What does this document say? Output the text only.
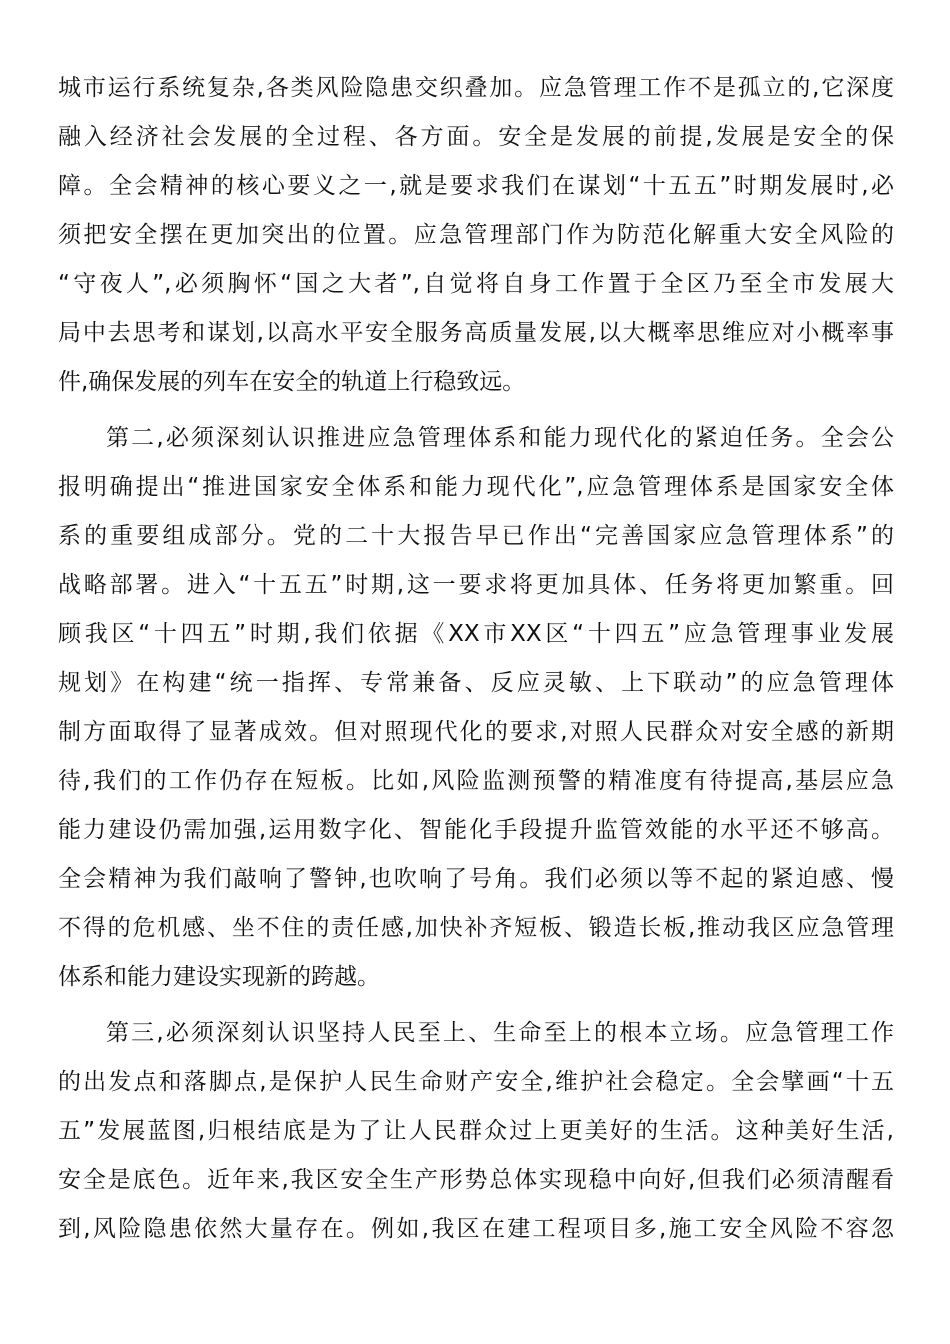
城市运行系统复杂,各类风险隐患交织叠加。应急管理工作不是孤立的,它深度

融入经济社会发展的全过程、各方面。安全是发展的前提,发展是安全的保

障。全会精神的核心要义之一,就是要求我们在谋划“十五五”时期发展时,必

须把安全摆在更加突出的位置。应急管理部门作为防范化解重大安全风险的

“守夜人”,必须胸怀“国之大者”,自觉将自身工作置于全区乃至全市发展大

局中去思考和谋划,以高水平安全服务高质量发展,以大概率思维应对小概率事

件,确保发展的列车在安全的轨道上行稳致远。

第二,必须深刻认识推进应急管理体系和能力现代化的紧迫任务。全会公

报明确提出“推进国家安全体系和能力现代化”,应急管理体系是国家安全体

系的重要组成部分。党的二十大报告早已作出“完善国家应急管理体系”的

战略部署。进入“十五五”时期,这一要求将更加具体、任务将更加繁重。回

顾我区“十四五”时期,我们依据《XX市XX区“十四五”应急管理事业发展

规划》在构建“统一指挥、专常兼备、反应灵敏、上下联动”的应急管理体

制方面取得了显著成效。但对照现代化的要求,对照人民群众对安全感的新期

待,我们的工作仍存在短板。比如,风险监测预警的精准度有待提高,基层应急

能力建设仍需加强,运用数字化、智能化手段提升监管效能的水平还不够高。

全会精神为我们敲响了警钟,也吹响了号角。我们必须以等不起的紧迫感、慢

不得的危机感、坐不住的责任感,加快补齐短板、锻造长板,推动我区应急管理

体系和能力建设实现新的跨越。

第三,必须深刻认识坚持人民至上、生命至上的根本立场。应急管理工作

的出发点和落脚点,是保护人民生命财产安全,维护社会稳定。全会擘画“十五

五”发展蓝图,归根结底是为了让人民群众过上更美好的生活。这种美好生活,

安全是底色。近年来,我区安全生产形势总体实现稳中向好,但我们必须清醒看

到,风险隐患依然大量存在。例如,我区在建工程项目多,施工安全风险不容忽
